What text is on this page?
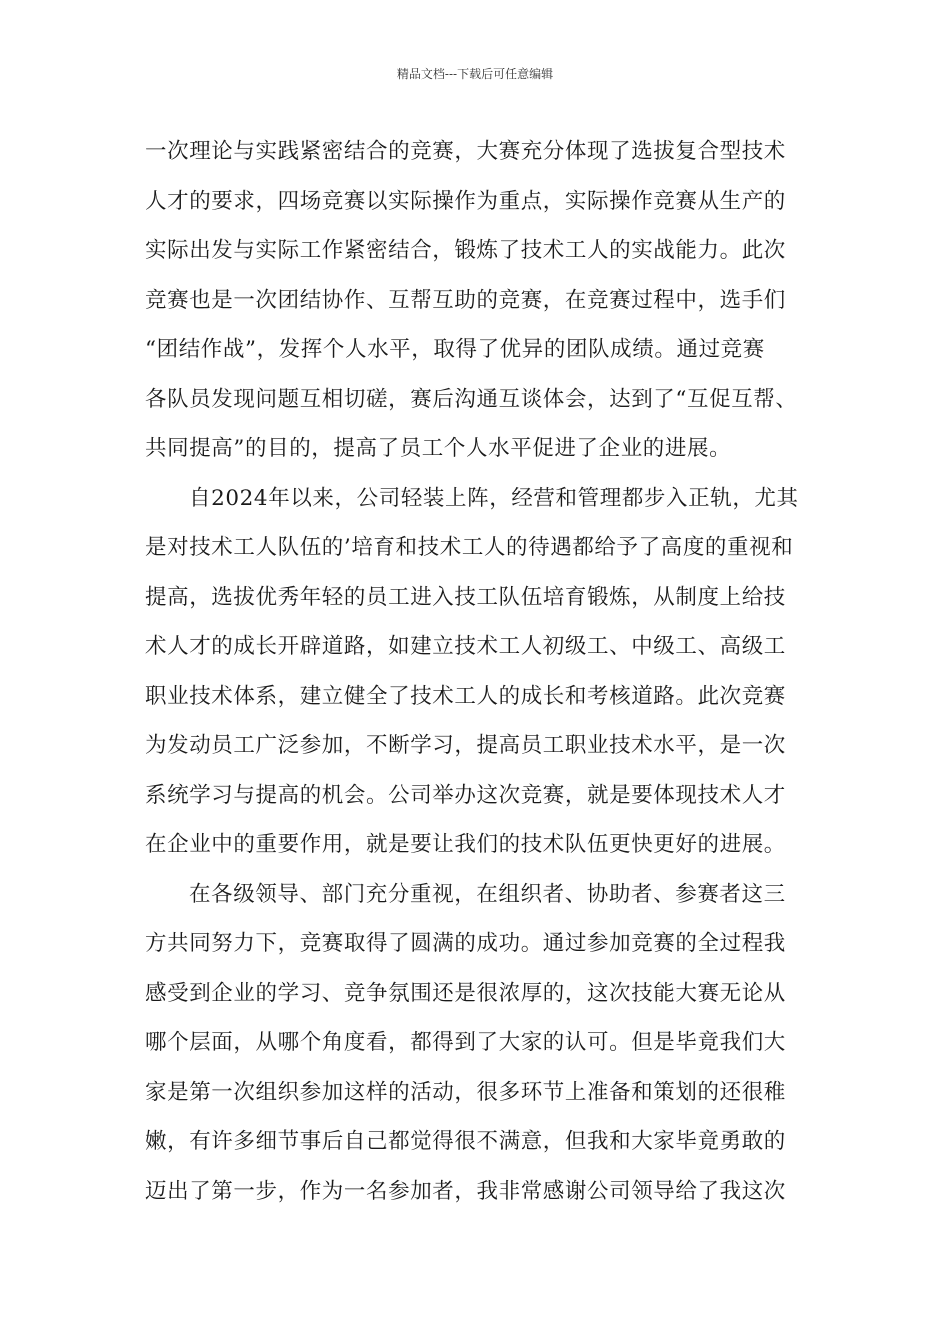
精品文档---下载后可任意编辑
一次理论与实践紧密结合的竞赛，大赛充分体现了选拔复合型技术
人才的要求，四场竞赛以实际操作为重点，实际操作竞赛从生产的
实际出发与实际工作紧密结合，锻炼了技术工人的实战能力。此次
竞赛也是一次团结协作、互帮互助的竞赛，在竞赛过程中，选手们
“团结作战”，发挥个人水平，取得了优异的团队成绩。通过竞赛
各队员发现问题互相切磋，赛后沟通互谈体会，达到了“互促互帮、
共同提高”的目的，提高了员工个人水平促进了企业的进展。
自2024年以来，公司轻装上阵，经营和管理都步入正轨，尤其
是对技术工人队伍的’培育和技术工人的待遇都给予了高度的重视和
提高，选拔优秀年轻的员工进入技工队伍培育锻炼，从制度上给技
术人才的成长开辟道路，如建立技术工人初级工、中级工、高级工
职业技术体系，建立健全了技术工人的成长和考核道路。此次竞赛
为发动员工广泛参加，不断学习，提高员工职业技术水平，是一次
系统学习与提高的机会。公司举办这次竞赛，就是要体现技术人才
在企业中的重要作用，就是要让我们的技术队伍更快更好的进展。
在各级领导、部门充分重视，在组织者、协助者、参赛者这三
方共同努力下，竞赛取得了圆满的成功。通过参加竞赛的全过程我
感受到企业的学习、竞争氛围还是很浓厚的，这次技能大赛无论从
哪个层面，从哪个角度看，都得到了大家的认可。但是毕竟我们大
家是第一次组织参加这样的活动，很多环节上准备和策划的还很稚
嫩，有许多细节事后自己都觉得很不满意，但我和大家毕竟勇敢的
迈出了第一步，作为一名参加者，我非常感谢公司领导给了我这次
